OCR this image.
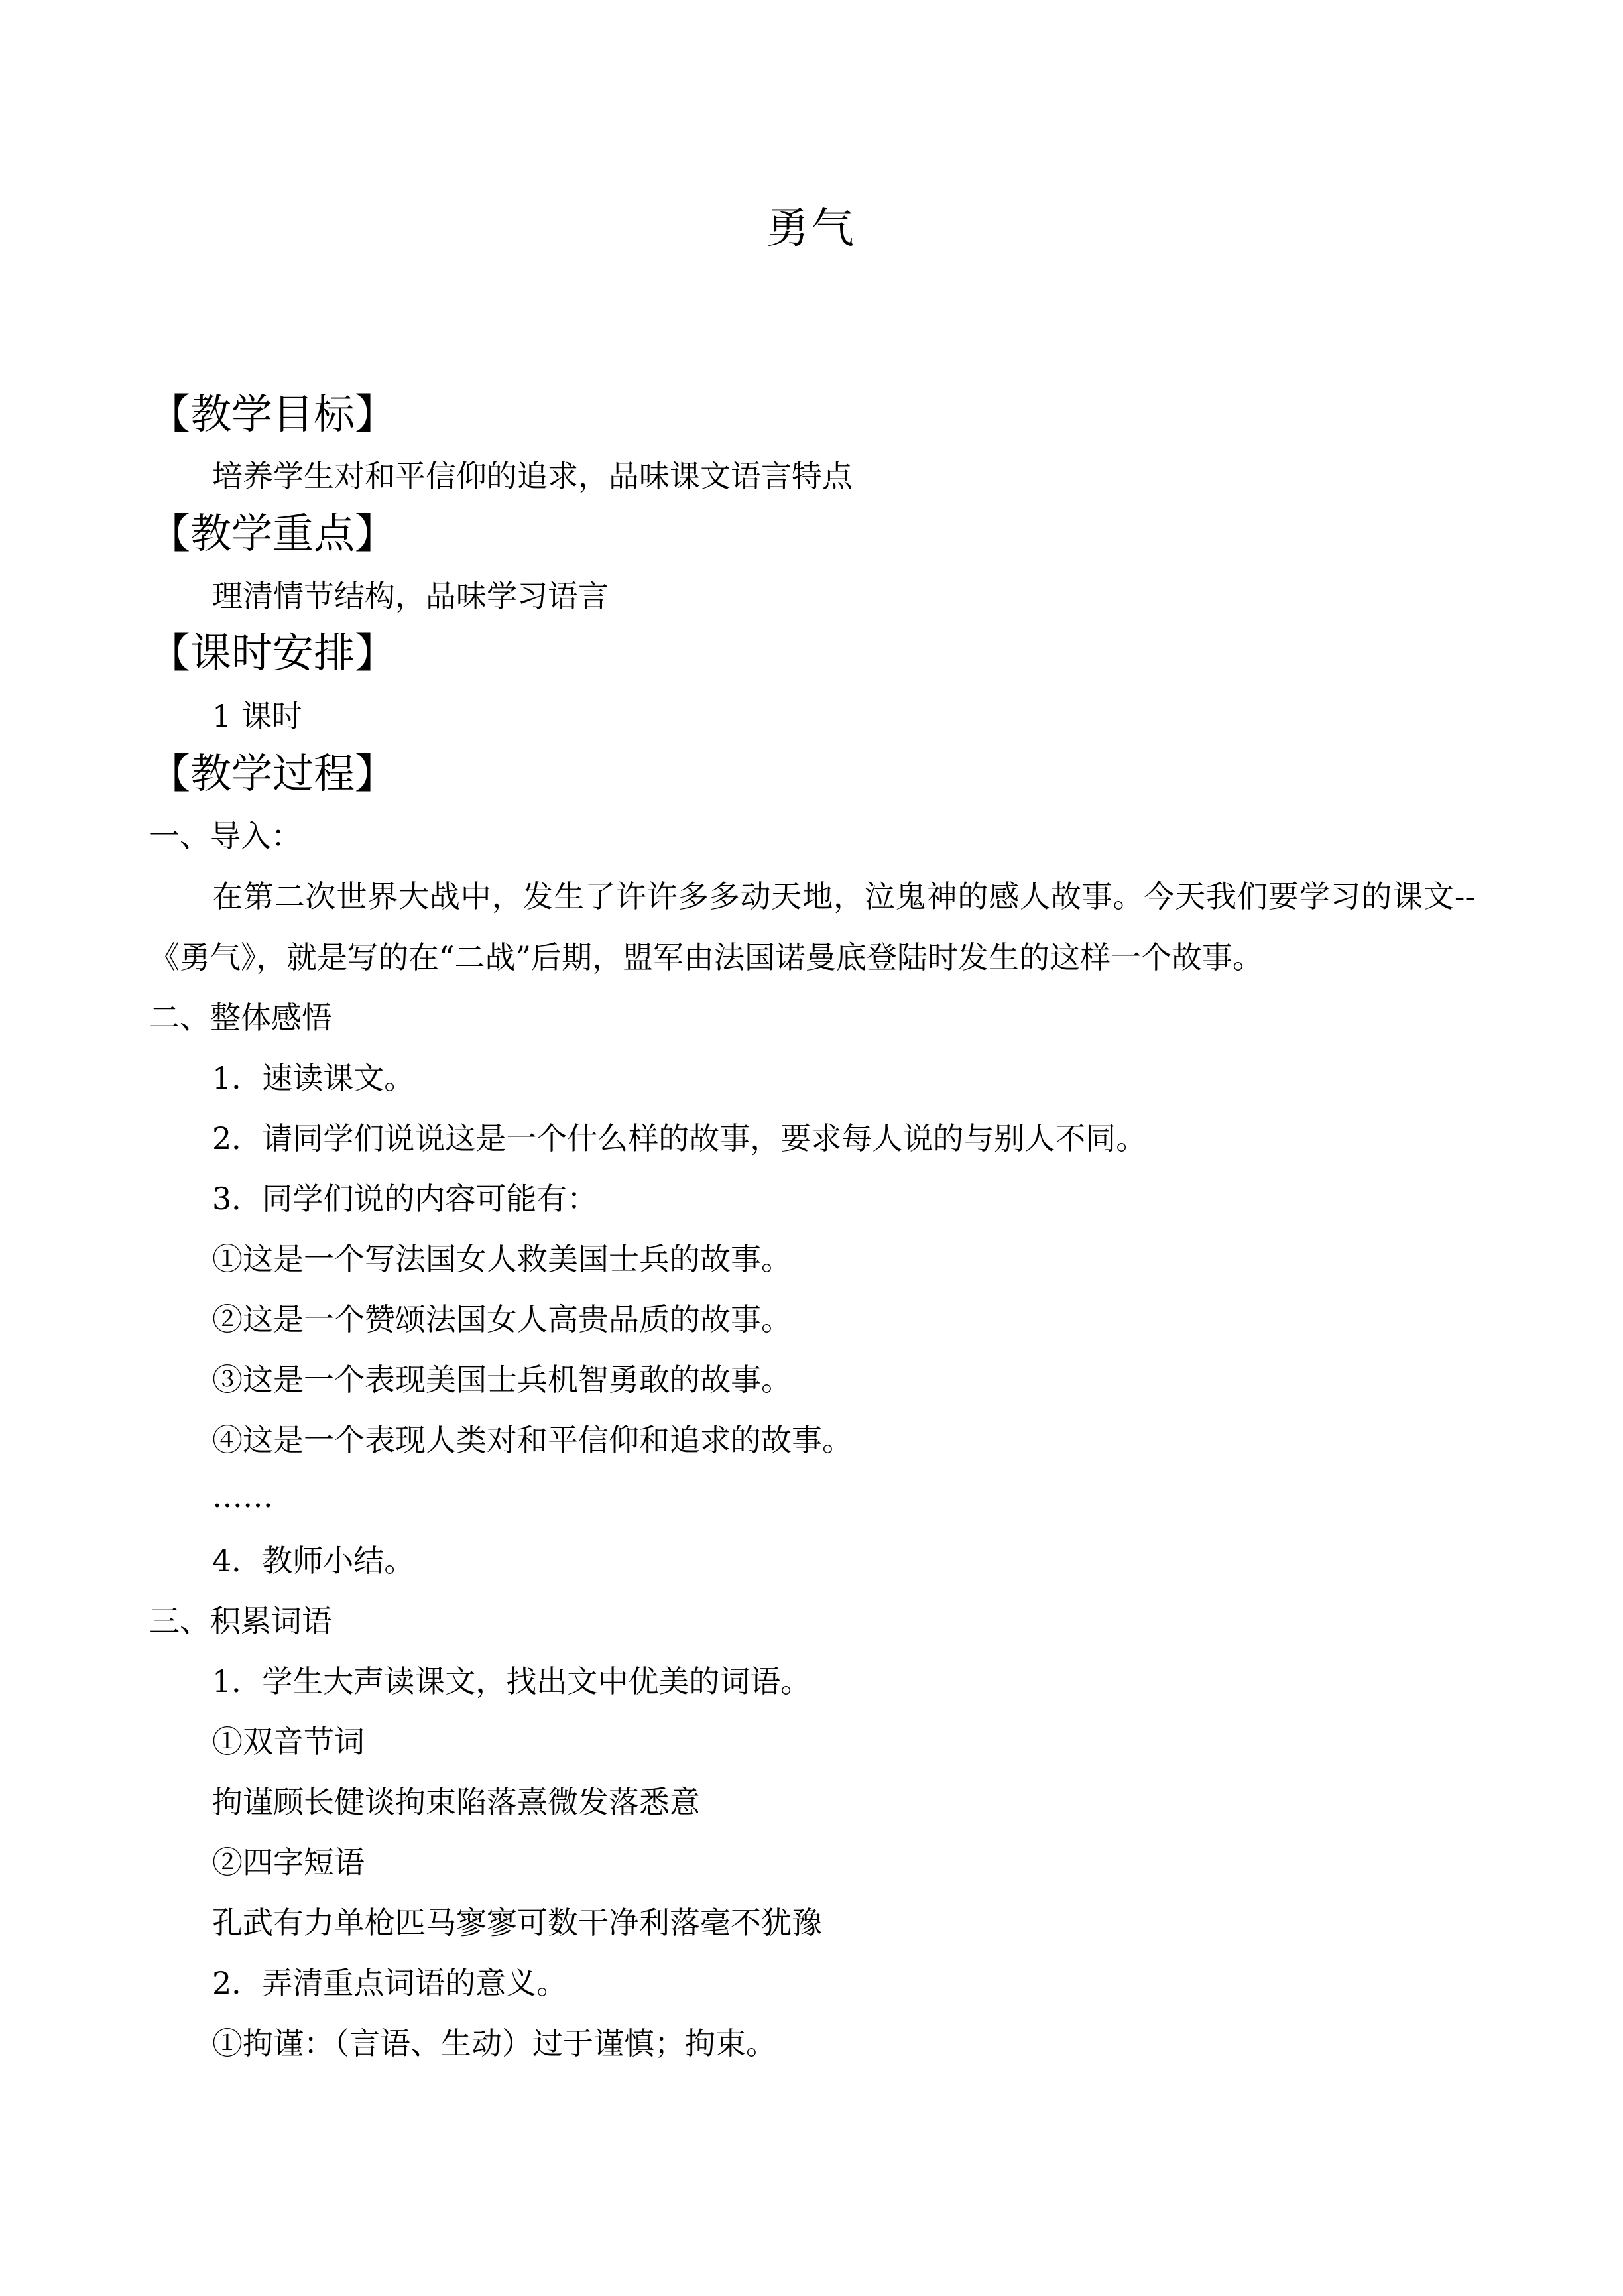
勇气
【教学目标】
培养学生对和平信仰的追求，品味课文语言特点
【教学重点】
理清情节结构，品味学习语言
【课时安排】
1 课时
【教学过程】
一、导入：
在第二次世界大战中，发生了许许多多动天地，泣鬼神的感人故事。今天我们要学习的课文--《勇气》，就是写的在“二战”后期，盟军由法国诺曼底登陆时发生的这样一个故事。
二、整体感悟
1．速读课文。
2．请同学们说说这是一个什么样的故事，要求每人说的与别人不同。
3．同学们说的内容可能有：
①这是一个写法国女人救美国士兵的故事。
②这是一个赞颂法国女人高贵品质的故事。
③这是一个表现美国士兵机智勇敢的故事。
④这是一个表现人类对和平信仰和追求的故事。
……
4．教师小结。
三、积累词语
1．学生大声读课文，找出文中优美的词语。
①双音节词
拘谨顾长健谈拘束陷落熹微发落悉意
②四字短语
孔武有力单枪匹马寥寥可数干净利落毫不犹豫
2．弄清重点词语的意义。
①拘谨：（言语、生动）过于谨慎；拘束。
